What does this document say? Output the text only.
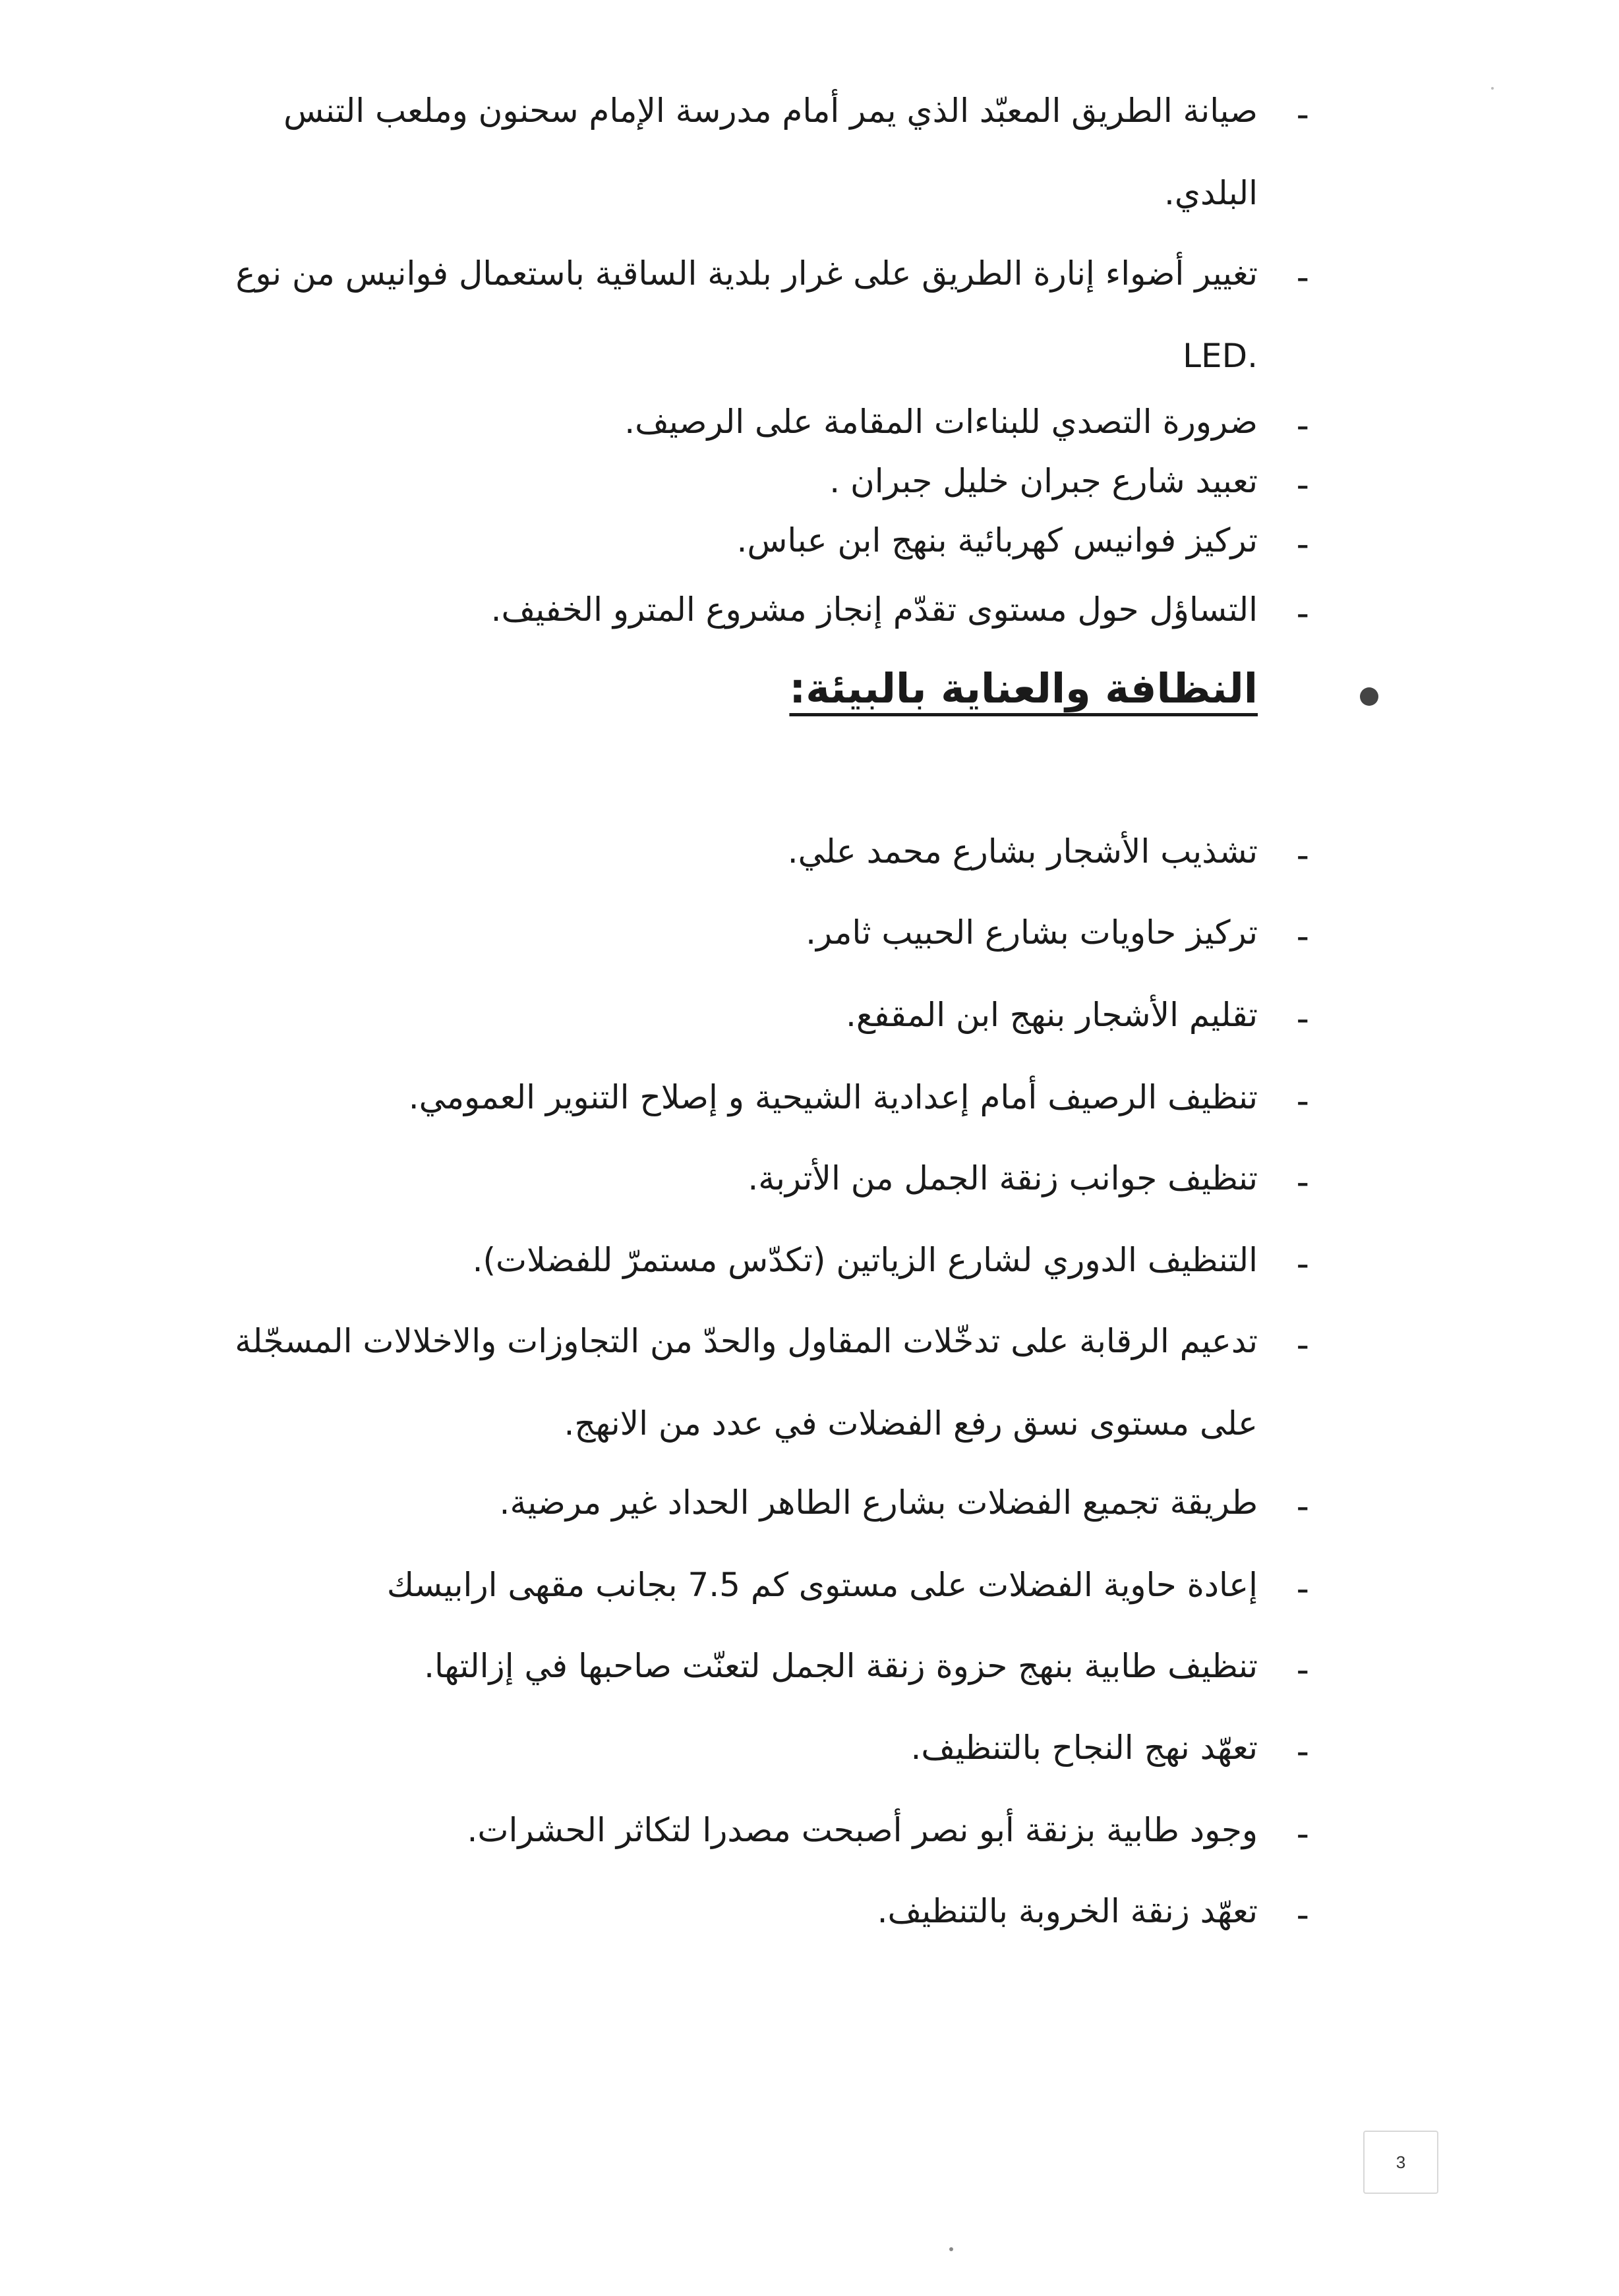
-
صيانة الطريق المعبّد الذي يمر أمام مدرسة الإمام سحنون وملعب التنس
البلدي.
-
تغيير أضواء إنارة الطريق على غرار بلدية الساقية باستعمال فوانيس من نوع
.LED
-
ضرورة التصدي للبناءات المقامة على الرصيف.
-
تعبيد شارع جبران خليل جبران .
-
تركيز فوانيس كهربائية بنهج ابن عباس.
-
التساؤل حول مستوى تقدّم إنجاز مشروع المترو الخفيف.
النظافة والعناية بالبيئة:
-
تشذيب الأشجار بشارع محمد علي.
-
تركيز حاويات بشارع الحبيب ثامر.
-
تقليم الأشجار بنهج ابن المقفع.
-
تنظيف الرصيف أمام إعدادية الشيحية و إصلاح التنوير العمومي.
-
تنظيف جوانب زنقة الجمل من الأتربة.
-
التنظيف الدوري لشارع الزياتين (تكدّس مستمرّ للفضلات).
-
تدعيم الرقابة على تدخّلات المقاول والحدّ من التجاوزات والاخلالات المسجّلة
على مستوى نسق رفع الفضلات في عدد من الانهج.
-
طريقة تجميع الفضلات بشارع الطاهر الحداد غير مرضية.
-
إعادة حاوية الفضلات على مستوى كم 7.5 بجانب مقهى ارابيسك
-
تنظيف طابية بنهج حزوة زنقة الجمل لتعنّت صاحبها في إزالتها.
-
تعهّد نهج النجاح بالتنظيف.
-
وجود طابية بزنقة أبو نصر أصبحت مصدرا لتكاثر الحشرات.
-
تعهّد زنقة الخروبة بالتنظيف.
3
